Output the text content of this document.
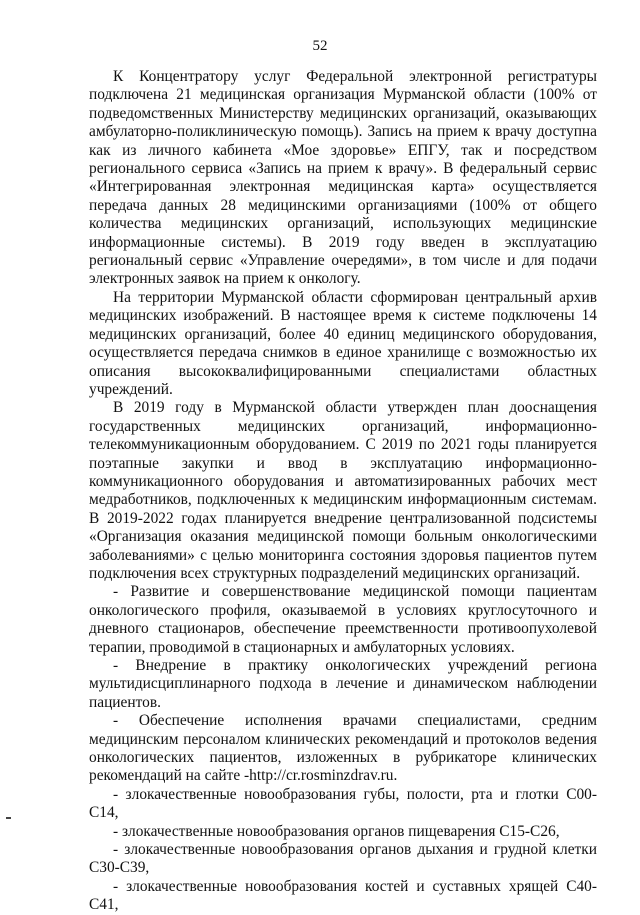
52

К Концентратору услуг Федеральной электронной регистратуры подключена 21 медицинская организация Мурманской области (100% от подведомственных Министерству медицинских организаций, оказывающих амбулаторно-поликлиническую помощь). Запись на прием к врачу доступна как из личного кабинета «Мое здоровье» ЕПГУ, так и посредством регионального сервиса «Запись на прием к врачу». В федеральный сервис «Интегрированная электронная медицинская карта» осуществляется передача данных 28 медицинскими организациями (100% от общего количества медицинских организаций, использующих медицинские информационные системы). В 2019 году введен в эксплуатацию региональный сервис «Управление очередями», в том числе и для подачи электронных заявок на прием к онкологу.

На территории Мурманской области сформирован центральный архив медицинских изображений. В настоящее время к системе подключены 14 медицинских организаций, более 40 единиц медицинского оборудования, осуществляется передача снимков в единое хранилище с возможностью их описания высококвалифицированными специалистами областных учреждений.

В 2019 году в Мурманской области утвержден план дооснащения государственных медицинских организаций, информационно-телекоммуникационным оборудованием. С 2019 по 2021 годы планируется поэтапные закупки и ввод в эксплуатацию информационно-коммуникационного оборудования и автоматизированных рабочих мест медработников, подключенных к медицинским информационным системам. В 2019-2022 годах планируется внедрение централизованной подсистемы «Организация оказания медицинской помощи больным онкологическими заболеваниями» с целью мониторинга состояния здоровья пациентов путем подключения всех структурных подразделений медицинских организаций.

- Развитие и совершенствование медицинской помощи пациентам онкологического профиля, оказываемой в условиях круглосуточного и дневного стационаров, обеспечение преемственности противоопухолевой терапии, проводимой в стационарных и амбулаторных условиях.

- Внедрение в практику онкологических учреждений региона мультидисциплинарного подхода в лечение и динамическом наблюдении пациентов.

- Обеспечение исполнения врачами специалистами, средним медицинским персоналом клинических рекомендаций и протоколов ведения онкологических пациентов, изложенных в рубрикаторе клинических рекомендаций на сайте -http://cr.rosminzdrav.ru.

- злокачественные новообразования губы, полости, рта и глотки С00-С14,

- злокачественные новообразования органов пищеварения С15-С26,

- злокачественные новообразования органов дыхания и грудной клетки С30-С39,

- злокачественные новообразования костей и суставных хрящей С40-С41,
